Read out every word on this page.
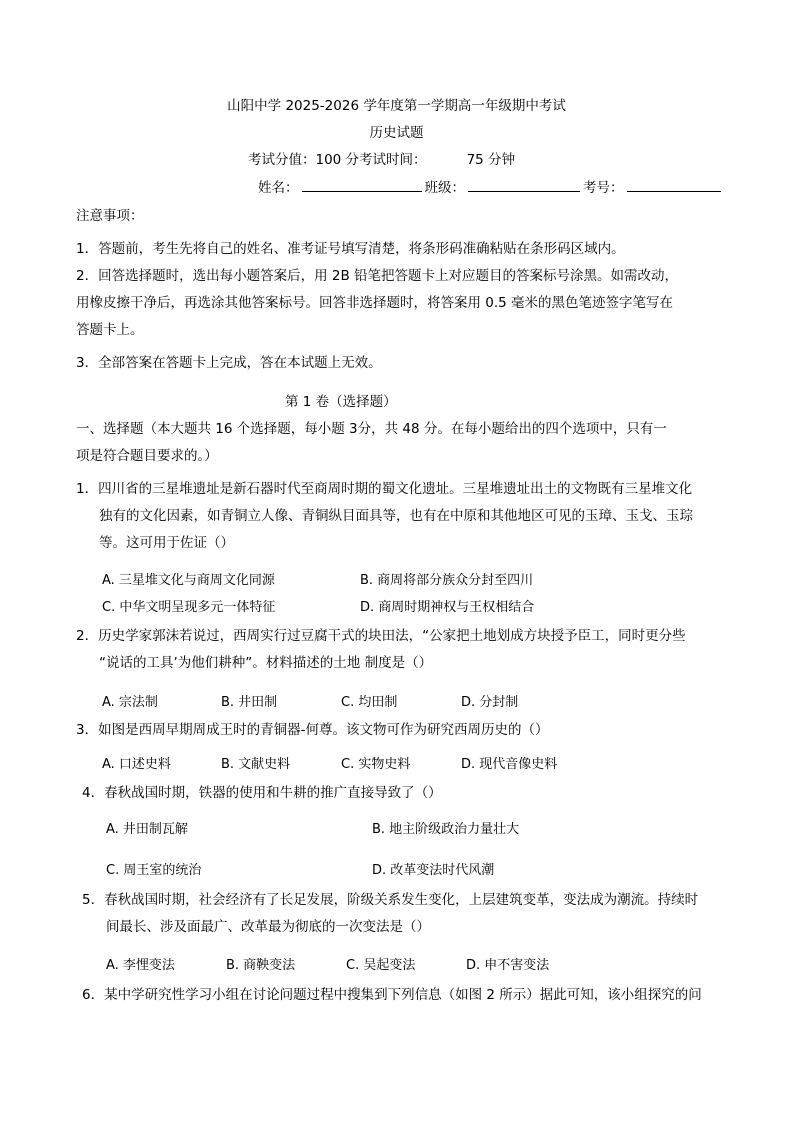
山阳中学 2025-2026 学年度第一学期高一年级期中考试
历史试题
考试分值：100 分考试时间：	75 分钟
姓名：	班级：	考号：
注意事项：
1．答题前，考生先将自己的姓名、准考证号填写清楚，将条形码准确粘贴在条形码区域内。
2．回答选择题时，选出每小题答案后，用 2B 铅笔把答题卡上对应题目的答案标号涂黑。如需改动，
用橡皮擦干净后，再选涂其他答案标号。回答非选择题时，将答案用 0.5 毫米的黑色笔迹签字笔写在
答题卡上。
3．全部答案在答题卡上完成，答在本试题上无效。
第 1 卷（选择题）
一、选择题（本大题共 16 个选择题，每小题 3分，共 48 分。在每小题给出的四个选项中，只有一
项是符合题目要求的。）
1．四川省的三星堆遗址是新石器时代至商周时期的蜀文化遗址。三星堆遗址出土的文物既有三星堆文化
独有的文化因素，如青铜立人像、青铜纵目面具等，也有在中原和其他地区可见的玉璋、玉戈、玉琮
等。这可用于佐证（）
A. 三星堆文化与商周文化同源	B. 商周将部分族众分封至四川
C. 中华文明呈现多元一体特征	D. 商周时期神权与王权相结合
2．历史学家郭沫若说过，西周实行过豆腐干式的块田法，“公家把土地划成方块授予臣工，同时更分些
“说话的工具’为他们耕种”。材料描述的土地 制度是（）
A. 宗法制	B. 井田制	C. 均田制	D. 分封制
3．如图是西周早期周成王时的青铜器-何尊。该文物可作为研究西周历史的（）
A. 口述史料	B. 文献史料	C. 实物史料	D. 现代音像史料
4．春秋战国时期，铁器的使用和牛耕的推广直接导致了（）
A. 井田制瓦解	B. 地主阶级政治力量壮大
C. 周王室的统治	D. 改革变法时代风潮
5．春秋战国时期，社会经济有了长足发展，阶级关系发生变化，上层建筑变革，变法成为潮流。持续时
间最长、涉及面最广、改革最为彻底的一次变法是（）
A. 李悝变法	B. 商鞅变法	C. 吴起变法	D. 申不害变法
6．某中学研究性学习小组在讨论问题过程中搜集到下列信息（如图 2 所示）据此可知，该小组探究的问
